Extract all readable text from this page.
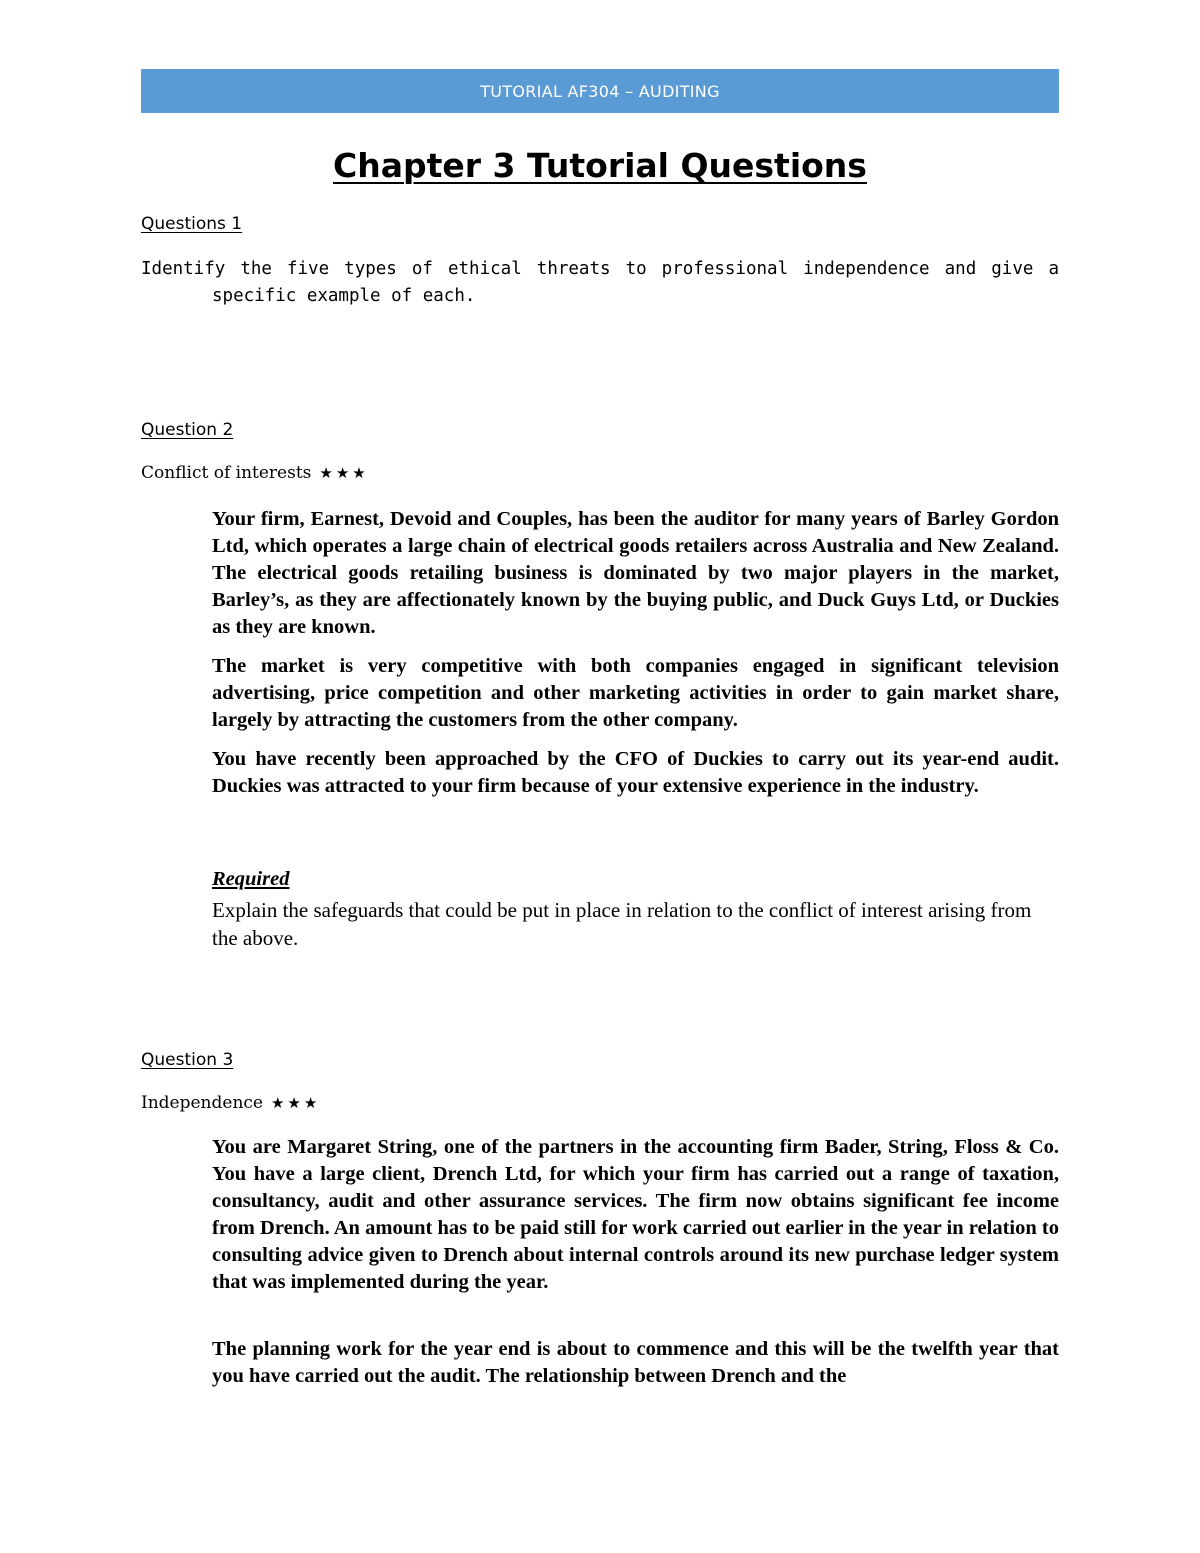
TUTORIAL AF304 – AUDITING
Chapter 3 Tutorial Questions

Questions 1

Identify the five types of ethical threats to professional independence and give a specific example of each.

Question 2

Conflict of interests ★★★

Your firm, Earnest, Devoid and Couples, has been the auditor for many years of Barley Gordon Ltd, which operates a large chain of electrical goods retailers across Australia and New Zealand. The electrical goods retailing business is dominated by two major players in the market, Barley’s, as they are affectionately known by the buying public, and Duck Guys Ltd, or Duckies as they are known.

The market is very competitive with both companies engaged in significant television advertising, price competition and other marketing activities in order to gain market share, largely by attracting the customers from the other company.

You have recently been approached by the CFO of Duckies to carry out its year-end audit. Duckies was attracted to your firm because of your extensive experience in the industry.

Required

Explain the safeguards that could be put in place in relation to the conflict of interest arising from the above.

Question 3

Independence ★★★

You are Margaret String, one of the partners in the accounting firm Bader, String, Floss & Co. You have a large client, Drench Ltd, for which your firm has carried out a range of taxation, consultancy, audit and other assurance services. The firm now obtains significant fee income from Drench. An amount has to be paid still for work carried out earlier in the year in relation to consulting advice given to Drench about internal controls around its new purchase ledger system that was implemented during the year.

The planning work for the year end is about to commence and this will be the twelfth year that you have carried out the audit. The relationship between Drench and the
